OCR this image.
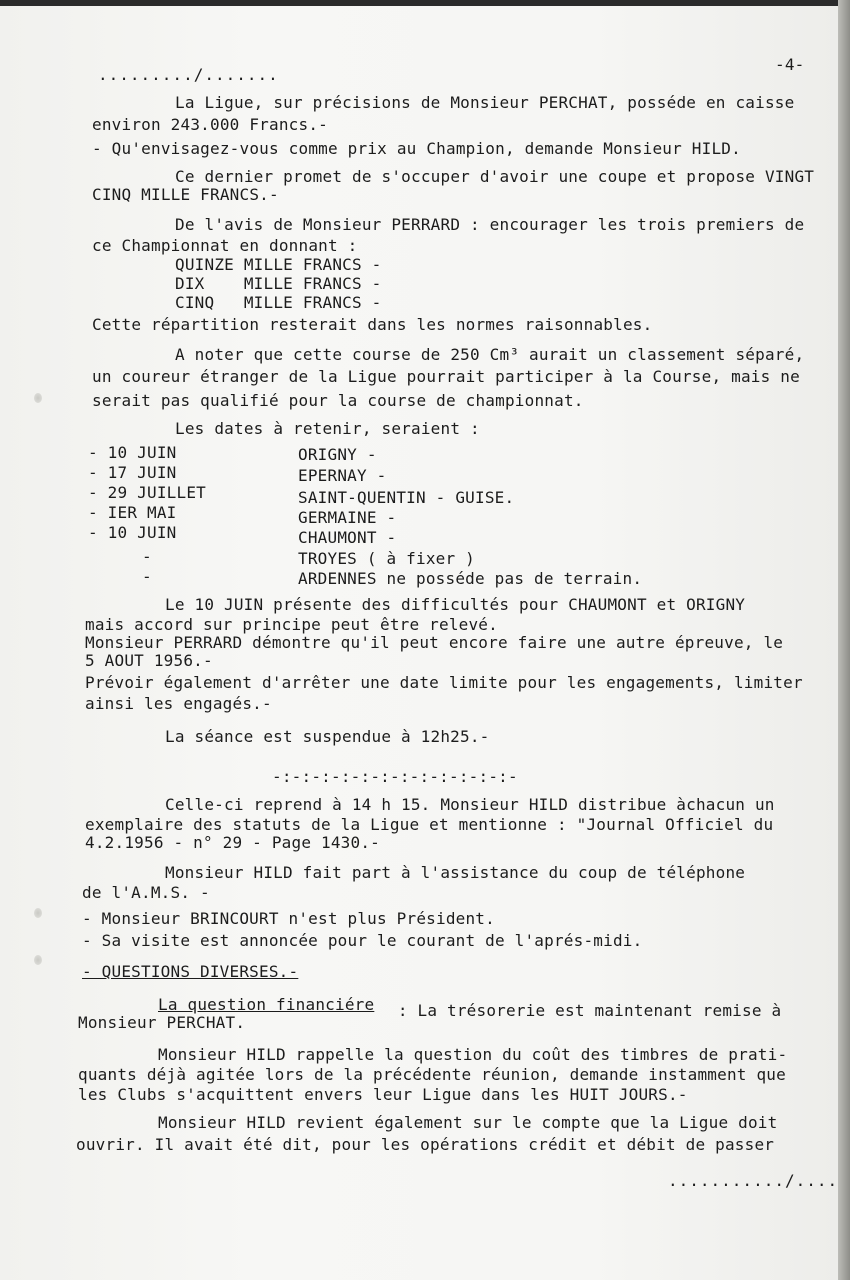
........./.......
-4-
La Ligue, sur précisions de Monsieur PERCHAT, posséde en caisse
environ 243.000 Francs.-
- Qu'envisagez-vous comme prix au Champion, demande Monsieur HILD.
Ce dernier promet de s'occuper d'avoir une coupe et propose VINGT
CINQ MILLE FRANCS.-
De l'avis de Monsieur PERRARD : encourager les trois premiers de
ce Championnat en donnant :
QUINZE MILLE FRANCS -
DIX    MILLE FRANCS -
CINQ   MILLE FRANCS -
Cette répartition resterait dans les normes raisonnables.
A noter que cette course de 250 Cm³ aurait un classement séparé,
un coureur étranger de la Ligue pourrait participer à la Course, mais ne
serait pas qualifié pour la course de championnat.
Les dates à retenir, seraient :
- 10 JUIN	ORIGNY -
- 17 JUIN	EPERNAY -
- 29 JUILLET	SAINT-QUENTIN - GUISE.
- IER MAI	GERMAINE -
- 10 JUIN	CHAUMONT -
-	TROYES ( à fixer )
-	ARDENNES ne posséde pas de terrain.
Le 10 JUIN présente des difficultés pour CHAUMONT et ORIGNY
mais accord sur principe peut être relevé.
Monsieur PERRARD démontre qu'il peut encore faire une autre épreuve, le
5 AOUT 1956.-
Prévoir également d'arrêter une date limite pour les engagements, limiter
ainsi les engagés.-
La séance est suspendue à 12h25.-
-:-:-:-:-:-:-:-:-:-:-:-:-
Celle-ci reprend à 14 h 15. Monsieur HILD distribue àchacun un
exemplaire des statuts de la Ligue et mentionne : "Journal Officiel du
4.2.1956 - n° 29 - Page 1430.-
Monsieur HILD fait part à l'assistance du coup de téléphone
de l'A.M.S. -
- Monsieur BRINCOURT n'est plus Président.
- Sa visite est annoncée pour le courant de l'aprés-midi.
- QUESTIONS DIVERSES.-
La question financiére : La trésorerie est maintenant remise à
Monsieur PERCHAT.
Monsieur HILD rappelle la question du coût des timbres de prati-
quants déjà agitée lors de la précédente réunion, demande instamment que
les Clubs s'acquittent envers leur Ligue dans les HUIT JOURS.-
Monsieur HILD revient également sur le compte que la Ligue doit
ouvrir. Il avait été dit, pour les opérations crédit et débit de passer
.........../....
